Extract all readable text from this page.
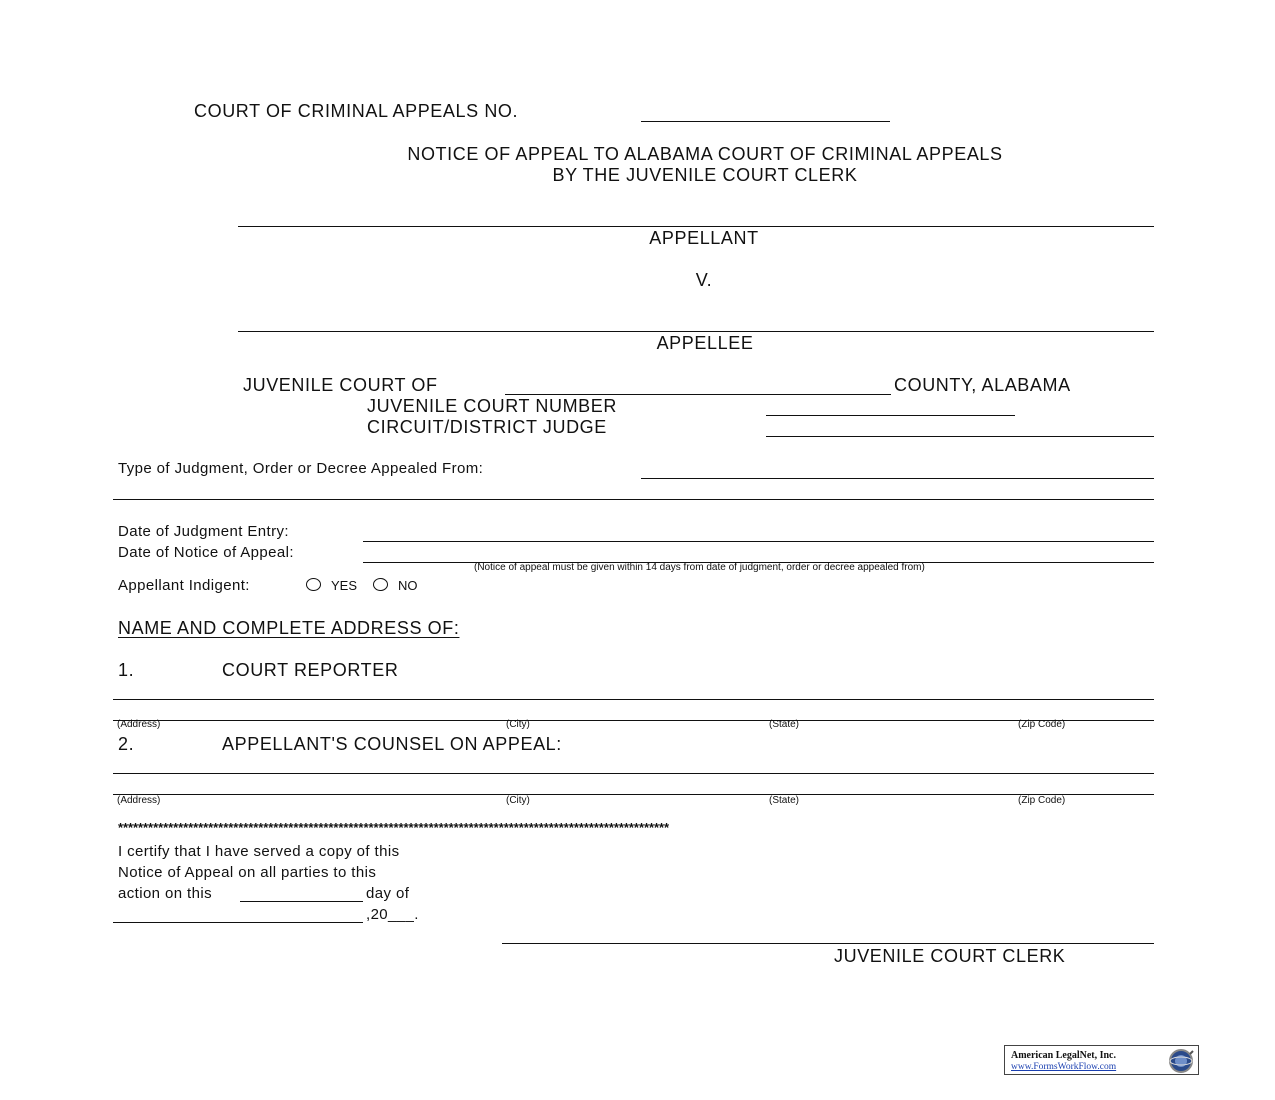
COURT OF CRIMINAL APPEALS NO.
NOTICE OF APPEAL TO ALABAMA COURT OF CRIMINAL APPEALS
BY THE JUVENILE COURT CLERK
APPELLANT
V.
APPELLEE
JUVENILE COURT OF	COUNTY, ALABAMA
JUVENILE COURT NUMBER
CIRCUIT/DISTRICT JUDGE
Type of Judgment, Order or Decree Appealed From:
Date of Judgment Entry:
Date of Notice of Appeal:
(Notice of appeal must be given within 14 days from date of judgment, order or decree appealed from)
Appellant Indigent:	YES	NO
NAME AND COMPLETE ADDRESS OF:
1.	COURT REPORTER
(Address)	(City)	(State)	(Zip Code)
2.	APPELLANT'S COUNSEL ON APPEAL:
(Address)	(City)	(State)	(Zip Code)
**************************************************************************************************************
I certify that I have served a copy of this
Notice of Appeal on all parties to this
action on this	day of
,20___.
JUVENILE COURT CLERK
American LegalNet, Inc.
www.FormsWorkFlow.com
